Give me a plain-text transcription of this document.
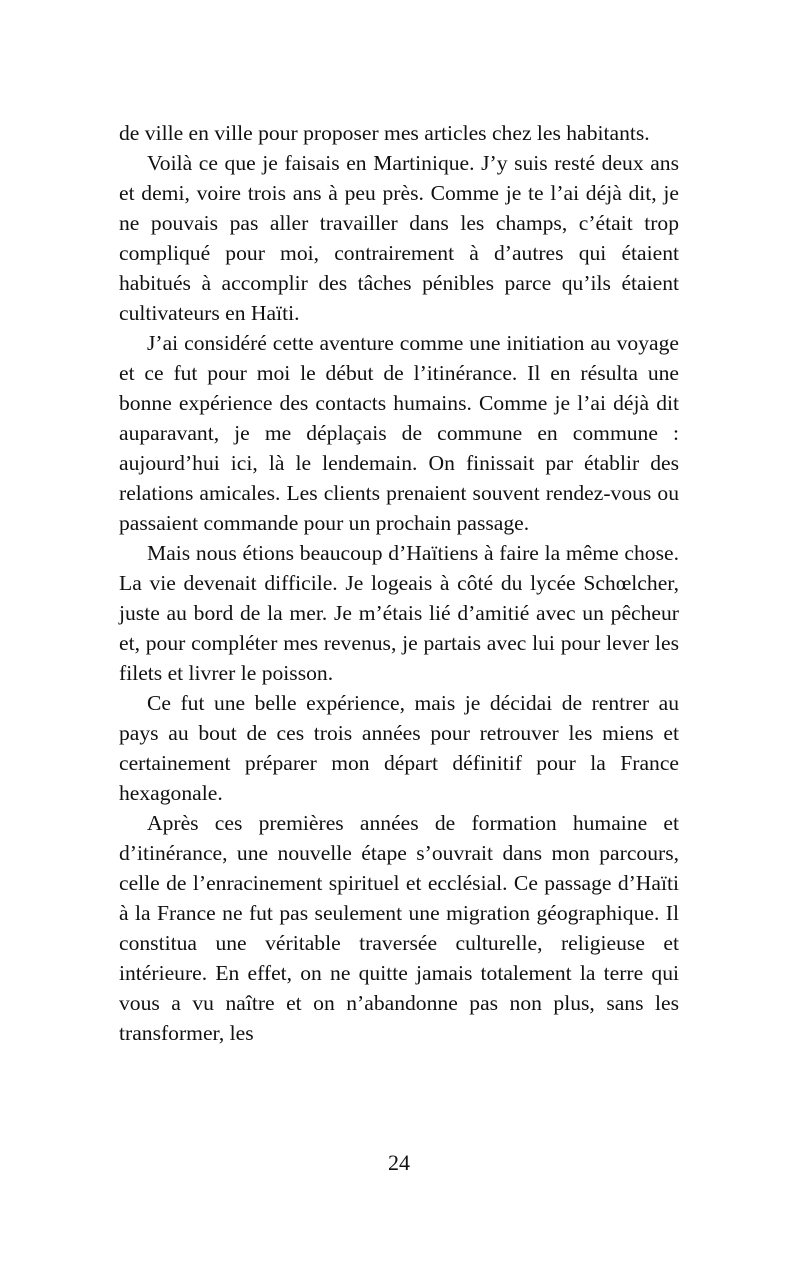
de ville en ville pour proposer mes articles chez les habitants.

Voilà ce que je faisais en Martinique. J’y suis resté deux ans et demi, voire trois ans à peu près. Comme je te l’ai déjà dit, je ne pouvais pas aller travailler dans les champs, c’était trop compliqué pour moi, contrairement à d’autres qui étaient habitués à accomplir des tâches pénibles parce qu’ils étaient cultivateurs en Haïti.

J’ai considéré cette aventure comme une initiation au voyage et ce fut pour moi le début de l’itinérance. Il en résulta une bonne expérience des contacts humains. Comme je l’ai déjà dit auparavant, je me déplaçais de commune en commune : aujourd’hui ici, là le lendemain. On finissait par établir des relations amicales. Les clients prenaient souvent rendez-vous ou passaient commande pour un prochain passage.

Mais nous étions beaucoup d’Haïtiens à faire la même chose. La vie devenait difficile. Je logeais à côté du lycée Schœlcher, juste au bord de la mer. Je m’étais lié d’amitié avec un pêcheur et, pour compléter mes revenus, je partais avec lui pour lever les filets et livrer le poisson.

Ce fut une belle expérience, mais je décidai de rentrer au pays au bout de ces trois années pour retrouver les miens et certainement préparer mon départ définitif pour la France hexagonale.

Après ces premières années de formation humaine et d’itinérance, une nouvelle étape s’ouvrait dans mon parcours, celle de l’enracinement spirituel et ecclésial. Ce passage d’Haïti à la France ne fut pas seulement une migration géographique. Il constitua une véritable traversée culturelle, religieuse et intérieure. En effet, on ne quitte jamais totalement la terre qui vous a vu naître et on n’abandonne pas non plus, sans les transformer, les

24
